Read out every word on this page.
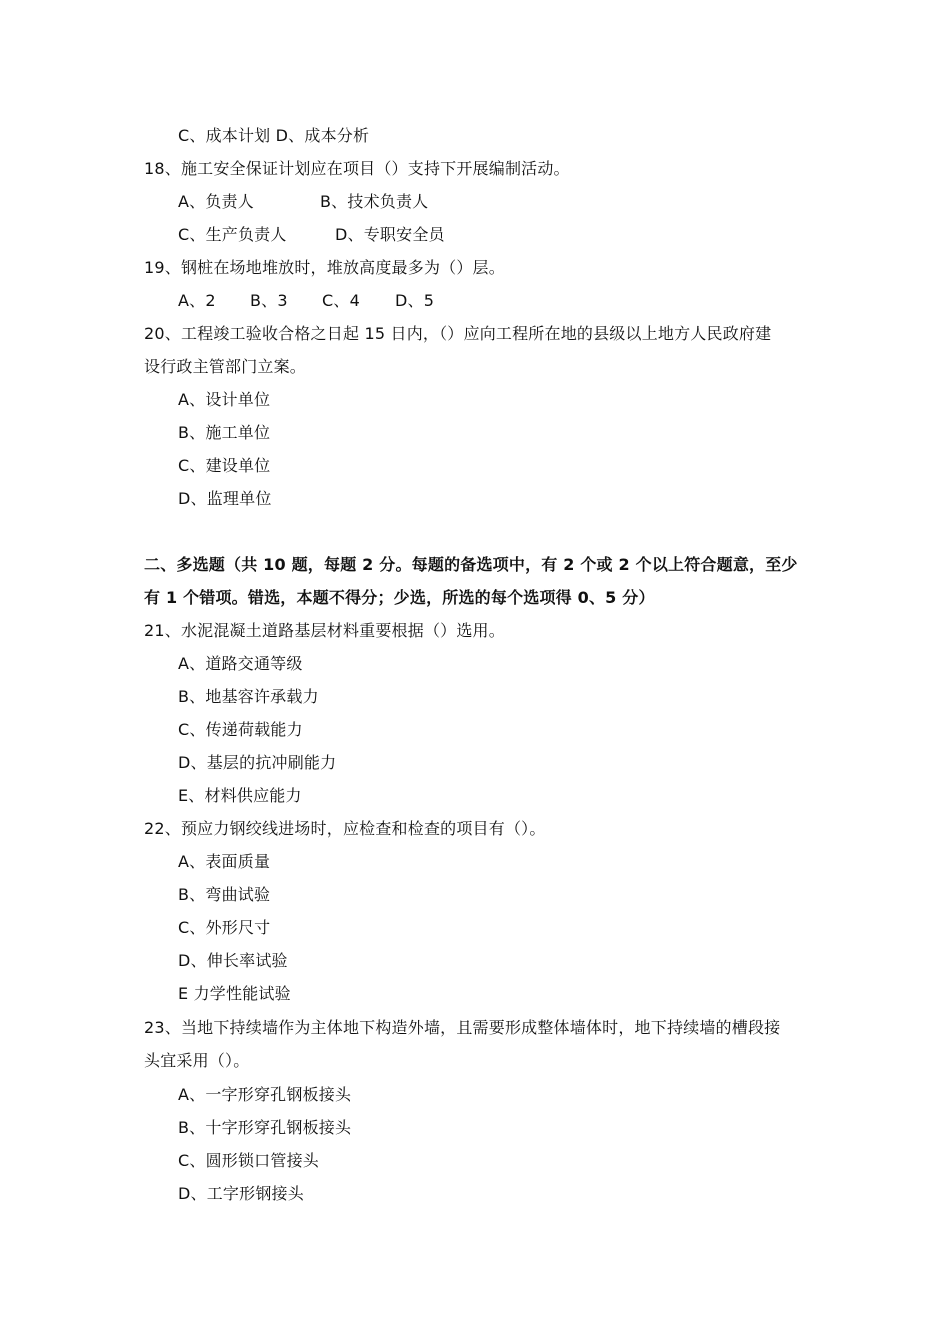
C、成本计划 D、成本分析
18、施工安全保证计划应在项目（）支持下开展编制活动。
A、负责人	B、技术负责人
C、生产负责人	D、专职安全员
19、钢桩在场地堆放时，堆放高度最多为（）层。
A、2 B、3 C、4 D、5
20、工程竣工验收合格之日起 15 日内，（）应向工程所在地的县级以上地方人民政府建
设行政主管部门立案。
A、设计单位
B、施工单位
C、建设单位
D、监理单位
二、多选题（共 10 题，每题 2 分。每题的备选项中，有 2 个或 2 个以上符合题意，至少
有 1 个错项。错选，本题不得分；少选，所选的每个选项得 0、5 分）
21、水泥混凝土道路基层材料重要根据（）选用。
A、道路交通等级
B、地基容许承载力
C、传递荷载能力
D、基层的抗冲刷能力
E、材料供应能力
22、预应力钢绞线进场时，应检查和检查的项目有（）。
A、表面质量
B、弯曲试验
C、外形尺寸
D、伸长率试验
E 力学性能试验
23、当地下持续墙作为主体地下构造外墙，且需要形成整体墙体时，地下持续墙的槽段接
头宜采用（）。
A、一字形穿孔钢板接头
B、十字形穿孔钢板接头
C、圆形锁口管接头
D、工字形钢接头
